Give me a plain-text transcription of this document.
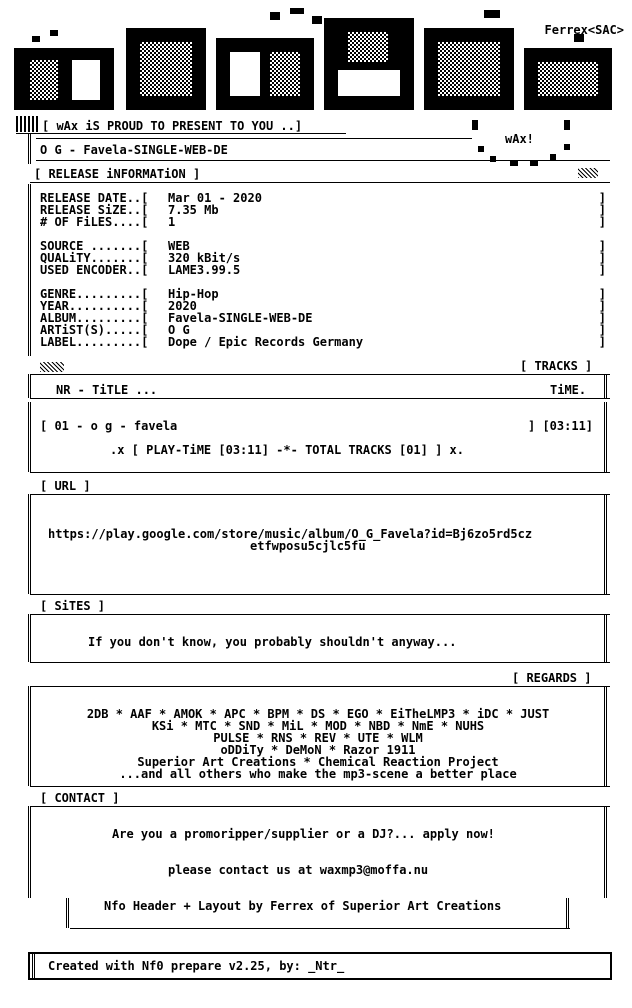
Ferrex<SAC>
wAx!
[ wAx iS PROUD TO PRESENT TO YOU ..]
O G - Favela-SINGLE-WEB-DE
[ RELEASE iNFORMATiON ]
RELEASE DATE..[ Mar 01 - 2020	]
RELEASE SiZE..[ 7.35 Mb	]
# OF FiLES....[ 1	]
SOURCE .......[ WEB	]
QUALiTY.......[ 320 kBit/s	]
USED ENCODER..[ LAME3.99.5	]
GENRE.........[ Hip-Hop	]
YEAR..........[ 2020	]
ALBUM.........[ Favela-SINGLE-WEB-DE	]
ARTiST(S).....[ O G	]
LABEL.........[ Dope / Epic Records Germany	]
[ TRACKS ]
NR - TiTLE ...	TiME.
[ 01 - o g - favela	] [03:11]
.x [ PLAY-TiME [03:11] -*- TOTAL TRACKS [01] ] x.
[ URL ]
https://play.google.com/store/music/album/O_G_Favela?id=Bj6zo5rd5cz
etfwposu5cjlc5fu
[ SiTES ]
If you don't know, you probably shouldn't anyway...
[ REGARDS ]
2DB * AAF * AMOK * APC * BPM * DS * EGO * EiTheLMP3 * iDC * JUST
KSi * MTC * SND * MiL * MOD * NBD * NmE * NUHS
PULSE * RNS * REV * UTE * WLM
oDDiTy * DeMoN * Razor 1911
Superior Art Creations * Chemical Reaction Project
...and all others who make the mp3-scene a better place
[ CONTACT ]
Are you a promoripper/supplier or a DJ?... apply now!
please contact us at waxmp3@moffa.nu
Nfo Header + Layout by Ferrex of Superior Art Creations
Created with Nf0 prepare v2.25, by: _Ntr_
